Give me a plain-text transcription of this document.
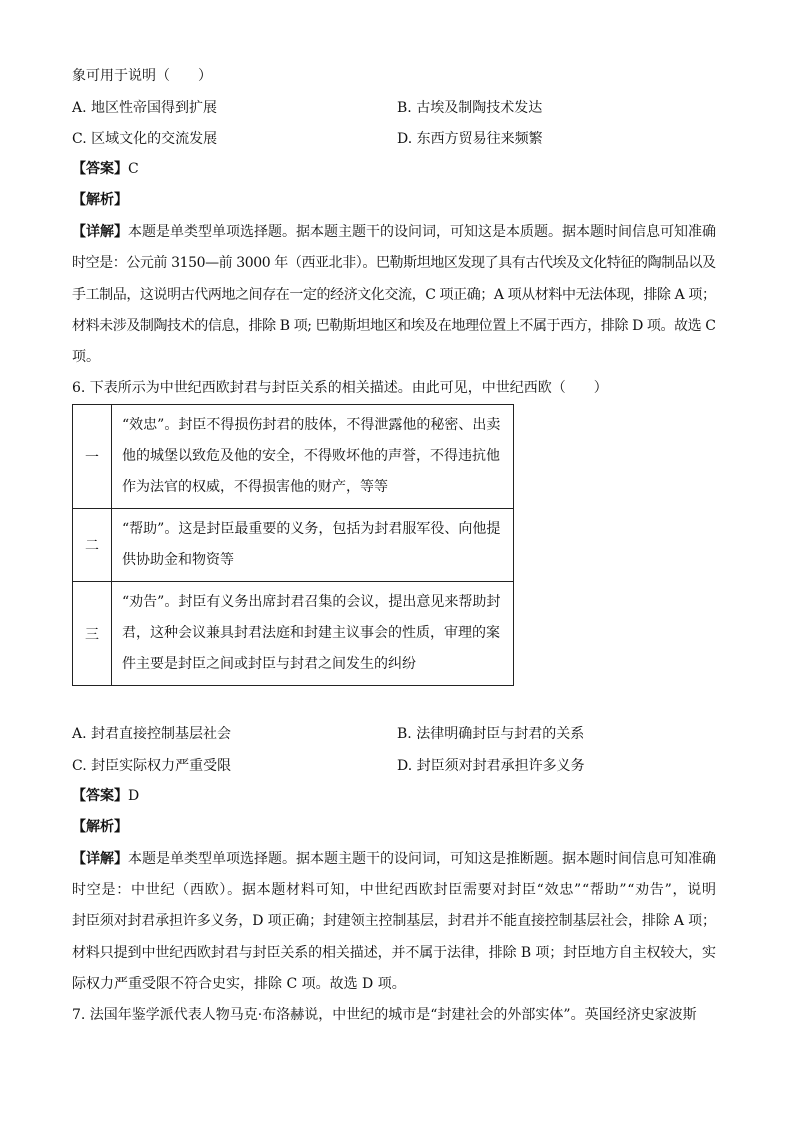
象可用于说明（　　）
A. 地区性帝国得到扩展	B. 古埃及制陶技术发达
C. 区域文化的交流发展	D. 东西方贸易往来频繁
【答案】C
【解析】
【详解】本题是单类型单项选择题。据本题主题干的设问词，可知这是本质题。据本题时间信息可知准确
时空是：公元前 3150—前 3000 年（西亚北非）。巴勒斯坦地区发现了具有古代埃及文化特征的陶制品以及
手工制品，这说明古代两地之间存在一定的经济文化交流，C 项正确；A 项从材料中无法体现，排除 A 项；
材料未涉及制陶技术的信息，排除 B 项; 巴勒斯坦地区和埃及在地理位置上不属于西方，排除 D 项。故选 C
项。
6. 下表所示为中世纪西欧封君与封臣关系的相关描述。由此可见，中世纪西欧（　　）
一	“效忠”。封臣不得损伤封君的肢体，不得泄露他的秘密、出卖他的城堡以致危及他的安全，不得败坏他的声誉，不得违抗他作为法官的权威，不得损害他的财产，等等
二	“帮助”。这是封臣最重要的义务，包括为封君服军役、向他提供协助金和物资等
三	“劝告”。封臣有义务出席封君召集的会议，提出意见来帮助封君，这种会议兼具封君法庭和封建主议事会的性质，审理的案件主要是封臣之间或封臣与封君之间发生的纠纷
A. 封君直接控制基层社会	B. 法律明确封臣与封君的关系
C. 封臣实际权力严重受限	D. 封臣须对封君承担许多义务
【答案】D
【解析】
【详解】本题是单类型单项选择题。据本题主题干的设问词，可知这是推断题。据本题时间信息可知准确
时空是：中世纪（西欧）。据本题材料可知，中世纪西欧封臣需要对封臣“效忠”“帮助”“劝告”，说明
封臣须对封君承担许多义务，D 项正确；封建领主控制基层，封君并不能直接控制基层社会，排除 A 项；
材料只提到中世纪西欧封君与封臣关系的相关描述，并不属于法律，排除 B 项；封臣地方自主权较大，实
际权力严重受限不符合史实，排除 C 项。故选 D 项。
7. 法国年鉴学派代表人物马克·布洛赫说，中世纪的城市是“封建社会的外部实体”。英国经济史家波斯
